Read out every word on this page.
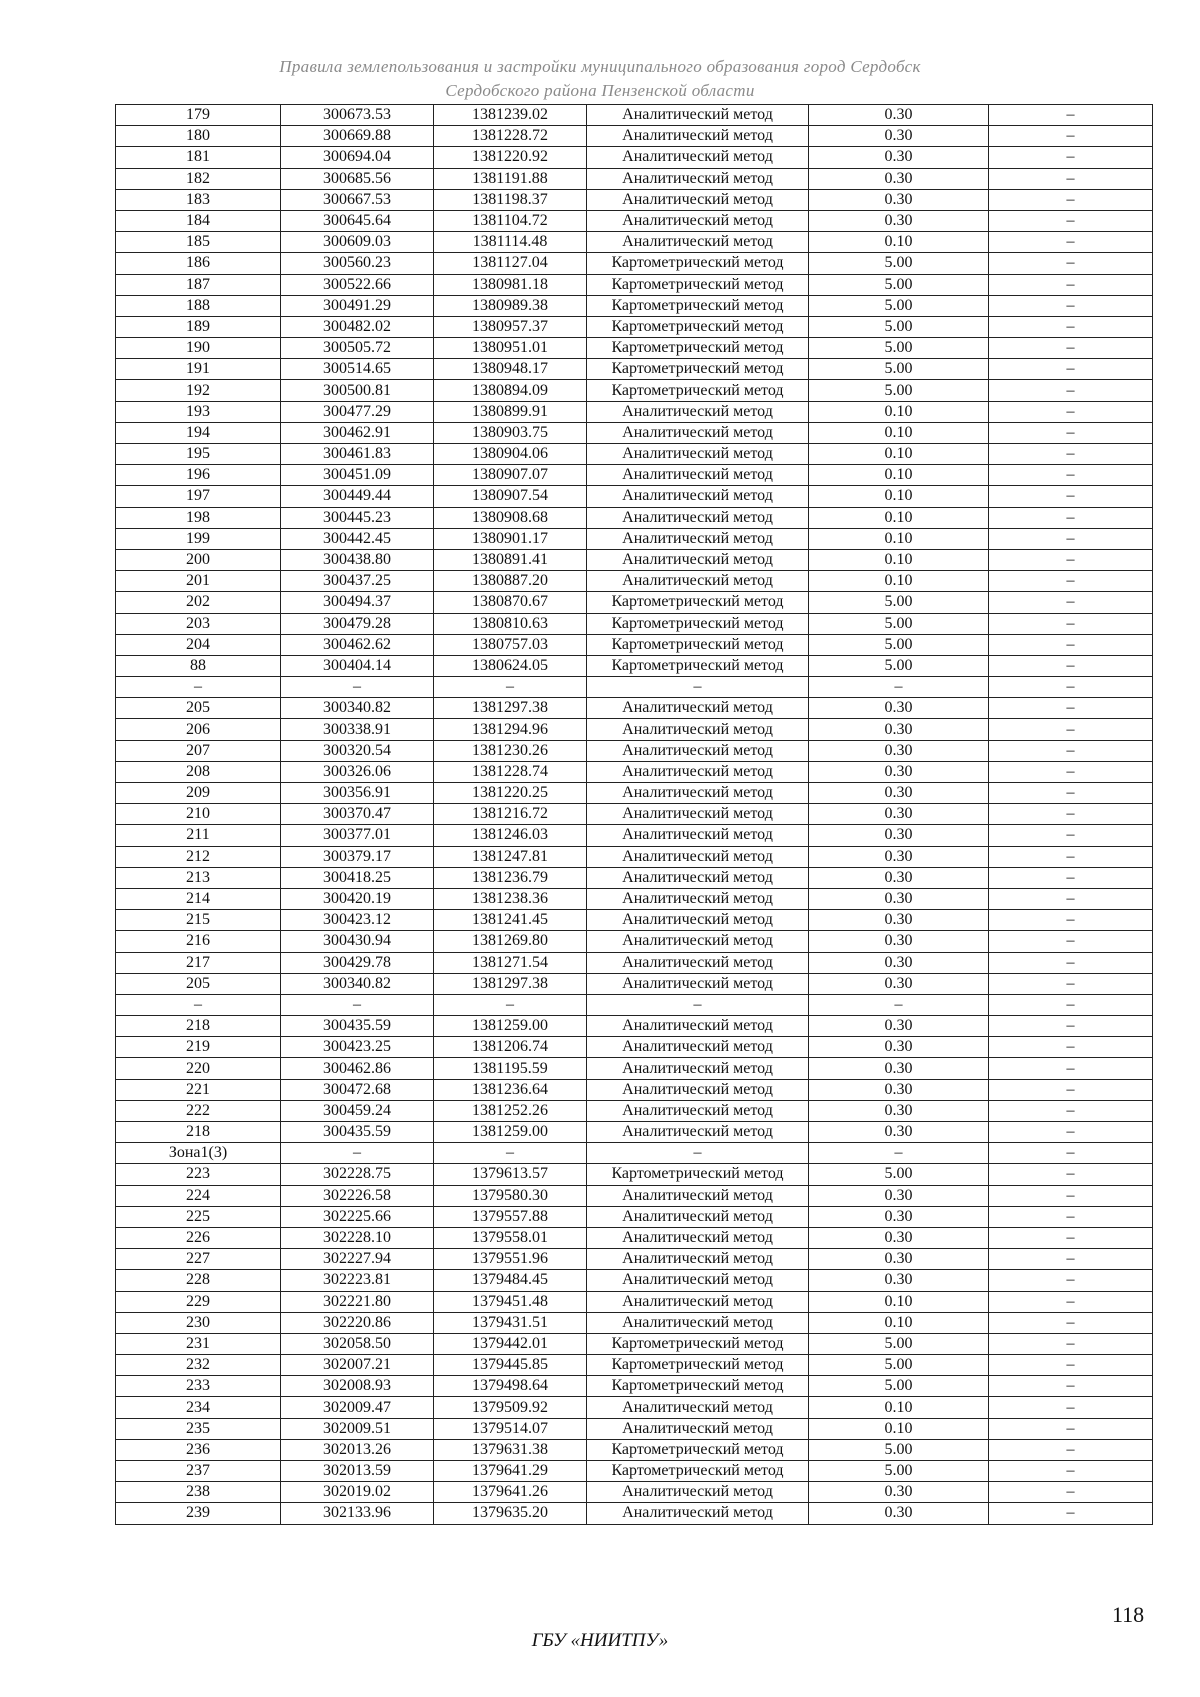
Правила землепользования и застройки муниципального образования город Сердобск
Сердобского района Пензенской области
179	300673.53	1381239.02	Аналитический метод	0.30	–
180	300669.88	1381228.72	Аналитический метод	0.30	–
181	300694.04	1381220.92	Аналитический метод	0.30	–
182	300685.56	1381191.88	Аналитический метод	0.30	–
183	300667.53	1381198.37	Аналитический метод	0.30	–
184	300645.64	1381104.72	Аналитический метод	0.30	–
185	300609.03	1381114.48	Аналитический метод	0.10	–
186	300560.23	1381127.04	Картометрический метод	5.00	–
187	300522.66	1380981.18	Картометрический метод	5.00	–
188	300491.29	1380989.38	Картометрический метод	5.00	–
189	300482.02	1380957.37	Картометрический метод	5.00	–
190	300505.72	1380951.01	Картометрический метод	5.00	–
191	300514.65	1380948.17	Картометрический метод	5.00	–
192	300500.81	1380894.09	Картометрический метод	5.00	–
193	300477.29	1380899.91	Аналитический метод	0.10	–
194	300462.91	1380903.75	Аналитический метод	0.10	–
195	300461.83	1380904.06	Аналитический метод	0.10	–
196	300451.09	1380907.07	Аналитический метод	0.10	–
197	300449.44	1380907.54	Аналитический метод	0.10	–
198	300445.23	1380908.68	Аналитический метод	0.10	–
199	300442.45	1380901.17	Аналитический метод	0.10	–
200	300438.80	1380891.41	Аналитический метод	0.10	–
201	300437.25	1380887.20	Аналитический метод	0.10	–
202	300494.37	1380870.67	Картометрический метод	5.00	–
203	300479.28	1380810.63	Картометрический метод	5.00	–
204	300462.62	1380757.03	Картометрический метод	5.00	–
88	300404.14	1380624.05	Картометрический метод	5.00	–
–	–	–	–	–	–
205	300340.82	1381297.38	Аналитический метод	0.30	–
206	300338.91	1381294.96	Аналитический метод	0.30	–
207	300320.54	1381230.26	Аналитический метод	0.30	–
208	300326.06	1381228.74	Аналитический метод	0.30	–
209	300356.91	1381220.25	Аналитический метод	0.30	–
210	300370.47	1381216.72	Аналитический метод	0.30	–
211	300377.01	1381246.03	Аналитический метод	0.30	–
212	300379.17	1381247.81	Аналитический метод	0.30	–
213	300418.25	1381236.79	Аналитический метод	0.30	–
214	300420.19	1381238.36	Аналитический метод	0.30	–
215	300423.12	1381241.45	Аналитический метод	0.30	–
216	300430.94	1381269.80	Аналитический метод	0.30	–
217	300429.78	1381271.54	Аналитический метод	0.30	–
205	300340.82	1381297.38	Аналитический метод	0.30	–
–	–	–	–	–	–
218	300435.59	1381259.00	Аналитический метод	0.30	–
219	300423.25	1381206.74	Аналитический метод	0.30	–
220	300462.86	1381195.59	Аналитический метод	0.30	–
221	300472.68	1381236.64	Аналитический метод	0.30	–
222	300459.24	1381252.26	Аналитический метод	0.30	–
218	300435.59	1381259.00	Аналитический метод	0.30	–
Зона1(3)	–	–	–	–	–
223	302228.75	1379613.57	Картометрический метод	5.00	–
224	302226.58	1379580.30	Аналитический метод	0.30	–
225	302225.66	1379557.88	Аналитический метод	0.30	–
226	302228.10	1379558.01	Аналитический метод	0.30	–
227	302227.94	1379551.96	Аналитический метод	0.30	–
228	302223.81	1379484.45	Аналитический метод	0.30	–
229	302221.80	1379451.48	Аналитический метод	0.10	–
230	302220.86	1379431.51	Аналитический метод	0.10	–
231	302058.50	1379442.01	Картометрический метод	5.00	–
232	302007.21	1379445.85	Картометрический метод	5.00	–
233	302008.93	1379498.64	Картометрический метод	5.00	–
234	302009.47	1379509.92	Аналитический метод	0.10	–
235	302009.51	1379514.07	Аналитический метод	0.10	–
236	302013.26	1379631.38	Картометрический метод	5.00	–
237	302013.59	1379641.29	Картометрический метод	5.00	–
238	302019.02	1379641.26	Аналитический метод	0.30	–
239	302133.96	1379635.20	Аналитический метод	0.30	–
118
ГБУ «НИИТПУ»
